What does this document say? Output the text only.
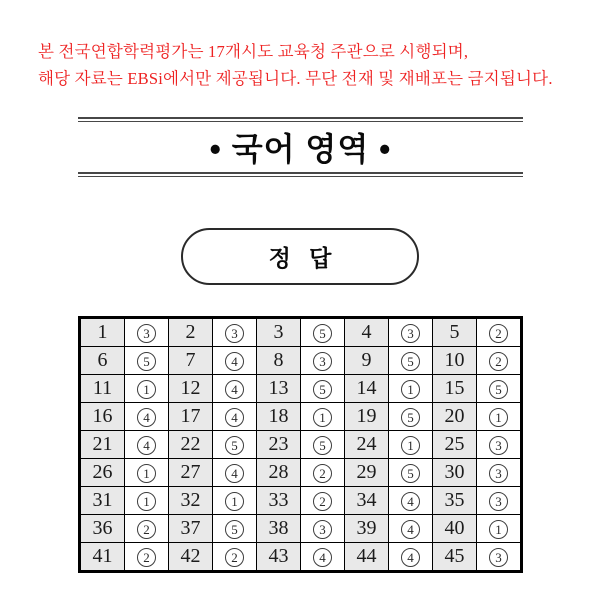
본 전국연합학력평가는 17개시도 교육청 주관으로 시행되며,
해당 자료는 EBSi에서만 제공됩니다. 무단 전재 및 재배포는 금지됩니다.
• 국어 영역 •
정 답
1	3	2	3	3	5	4	3	5	2
6	5	7	4	8	3	9	5	10	2
11	1	12	4	13	5	14	1	15	5
16	4	17	4	18	1	19	5	20	1
21	4	22	5	23	5	24	1	25	3
26	1	27	4	28	2	29	5	30	3
31	1	32	1	33	2	34	4	35	3
36	2	37	5	38	3	39	4	40	1
41	2	42	2	43	4	44	4	45	3
